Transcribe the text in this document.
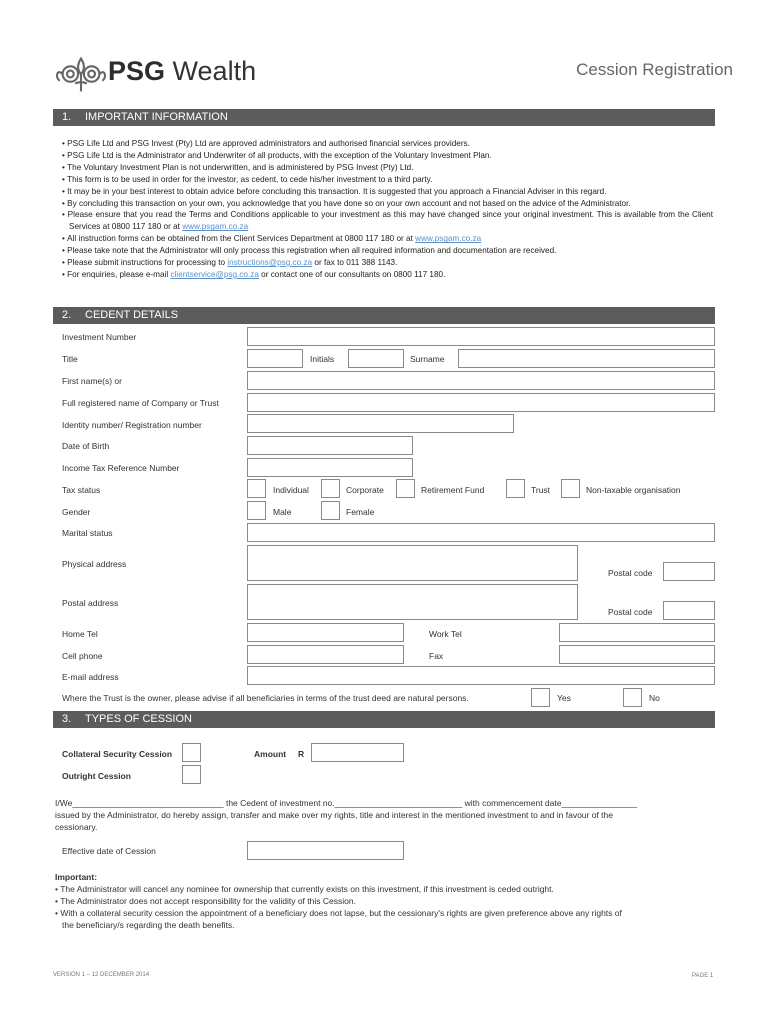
PSG Wealth	Cession Registration
1. IMPORTANT INFORMATION
• PSG Life Ltd and PSG Invest (Pty) Ltd are approved administrators and authorised financial services providers.
• PSG Life Ltd is the Administrator and Underwriter of all products, with the exception of the Voluntary Investment Plan.
• The Voluntary Investment Plan is not underwritten, and is administered by PSG Invest (Pty) Ltd.
• This form is to be used in order for the investor, as cedent, to cede his/her investment to a third party.
• It may be in your best interest to obtain advice before concluding this transaction. It is suggested that you approach a Financial Adviser in this regard.
• By concluding this transaction on your own, you acknowledge that you have done so on your own account and not based on the advice of the Administrator.
• Please ensure that you read the Terms and Conditions applicable to your investment as this may have changed since your original investment. This is available from the Client Services at 0800 117 180 or at www.psgam.co.za
• All instruction forms can be obtained from the Client Services Department at 0800 117 180 or at www.psgam.co.za
• Please take note that the Administrator will only process this registration when all required information and documentation are received.
• Please submit instructions for processing to instructions@psg.co.za or fax to 011 388 1143.
• For enquiries, please e-mail clientservice@psg.co.za or contact one of our consultants on 0800 117 180.
2. CEDENT DETAILS
Investment Number
Title	Initials	Surname
First name(s) or
Full registered name of Company or Trust
Identity number/ Registration number
Date of Birth
Income Tax Reference Number
Tax status	Individual	Corporate	Retirement Fund	Trust	Non-taxable organisation
Gender	Male	Female
Marital status
Physical address
Postal code
Postal address
Postal code
Home Tel	Work Tel
Cell phone	Fax
E-mail address
Where the Trust is the owner, please advise if all beneficiaries in terms of the trust deed are natural persons.	Yes	No
3. TYPES OF CESSION
Collateral Security Cession	Amount R
Outright Cession
I/We________________________________ the Cedent of investment no.___________________________ with commencement date________________
issued by the Administrator, do hereby assign, transfer and make over my rights, title and interest in the mentioned investment to and in favour of the
cessionary.
Effective date of Cession
Important:
• The Administrator will cancel any nominee for ownership that currently exists on this investment, if this investment is ceded outright.
• The Administrator does not accept responsibility for the validity of this Cession.
• With a collateral security cession the appointment of a beneficiary does not lapse, but the cessionary's rights are given preference above any rights of
the beneficiary/s regarding the death benefits.
VERSION 1 – 12 DECEMBER 2014	PAGE 1
